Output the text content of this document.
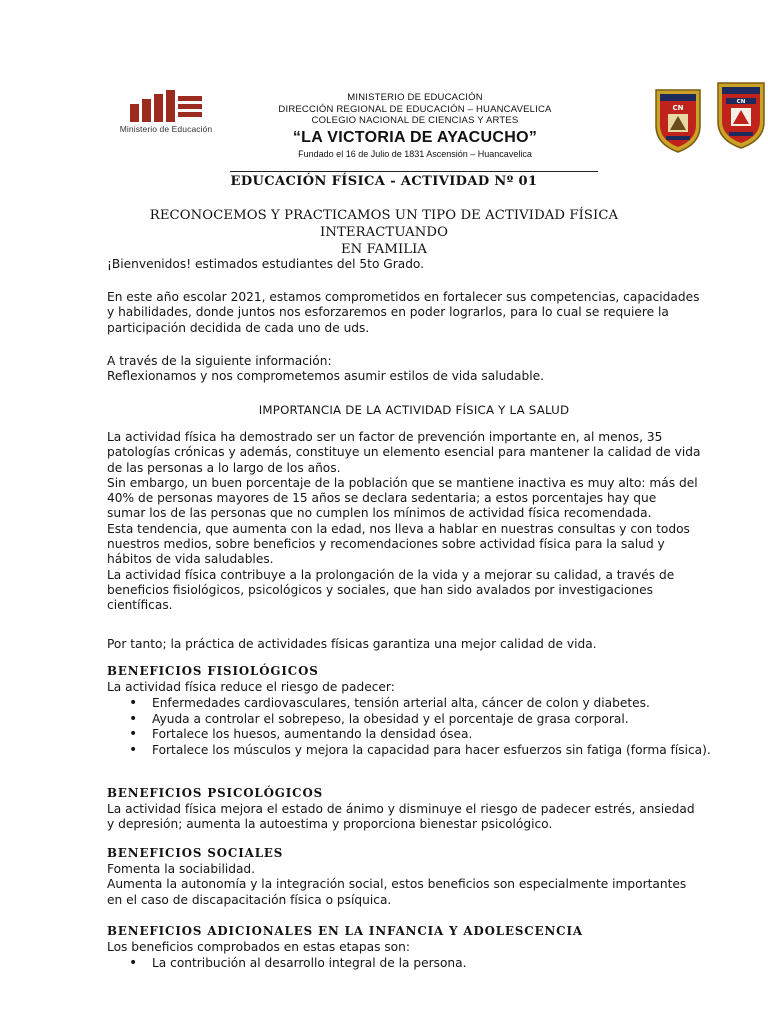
Ministerio de Educación
MINISTERIO DE EDUCACIÓN
DIRECCIÓN REGIONAL DE EDUCACIÓN – HUANCAVELICA
COLEGIO NACIONAL DE CIENCIAS Y ARTES
“LA VICTORIA DE AYACUCHO”
Fundado el 16 de Julio de 1831 Ascensión – Huancavelica
CN
CN
EDUCACIÓN FÍSICA - ACTIVIDAD Nº 01
RECONOCEMOS Y PRACTICAMOS UN TIPO DE ACTIVIDAD FÍSICA INTERACTUANDO
EN FAMILIA
¡Bienvenidos! estimados estudiantes del 5to Grado.
En este año escolar 2021, estamos comprometidos en fortalecer sus competencias, capacidades
y habilidades, donde juntos nos esforzaremos en poder lograrlos, para lo cual se requiere la
participación decidida de cada uno de uds.
A través de la siguiente información:
Reflexionamos y nos comprometemos asumir estilos de vida saludable.
IMPORTANCIA DE LA ACTIVIDAD FÍSICA Y LA SALUD
La actividad física ha demostrado ser un factor de prevención importante en, al menos, 35
patologías crónicas y además, constituye un elemento esencial para mantener la calidad de vida
de las personas a lo largo de los años.
Sin embargo, un buen porcentaje de la población que se mantiene inactiva es muy alto: más del
40% de personas mayores de 15 años se declara sedentaria; a estos porcentajes hay que
sumar los de las personas que no cumplen los mínimos de actividad física recomendada.
Esta tendencia, que aumenta con la edad, nos lleva a hablar en nuestras consultas y con todos
nuestros medios, sobre beneficios y recomendaciones sobre actividad física para la salud y
hábitos de vida saludables.
La actividad física contribuye a la prolongación de la vida y a mejorar su calidad, a través de
beneficios fisiológicos, psicológicos y sociales, que han sido avalados por investigaciones
científicas.
Por tanto; la práctica de actividades físicas garantiza una mejor calidad de vida.
BENEFICIOS FISIOLÓGICOS
La actividad física reduce el riesgo de padecer:
• Enfermedades cardiovasculares, tensión arterial alta, cáncer de colon y diabetes.
• Ayuda a controlar el sobrepeso, la obesidad y el porcentaje de grasa corporal.
• Fortalece los huesos, aumentando la densidad ósea.
• Fortalece los músculos y mejora la capacidad para hacer esfuerzos sin fatiga (forma física).
BENEFICIOS PSICOLÓGICOS
La actividad física mejora el estado de ánimo y disminuye el riesgo de padecer estrés, ansiedad
y depresión; aumenta la autoestima y proporciona bienestar psicológico.
BENEFICIOS SOCIALES
Fomenta la sociabilidad.
Aumenta la autonomía y la integración social, estos beneficios son especialmente importantes
en el caso de discapacitación física o psíquica.
BENEFICIOS ADICIONALES EN LA INFANCIA Y ADOLESCENCIA
Los beneficios comprobados en estas etapas son:
• La contribución al desarrollo integral de la persona.
